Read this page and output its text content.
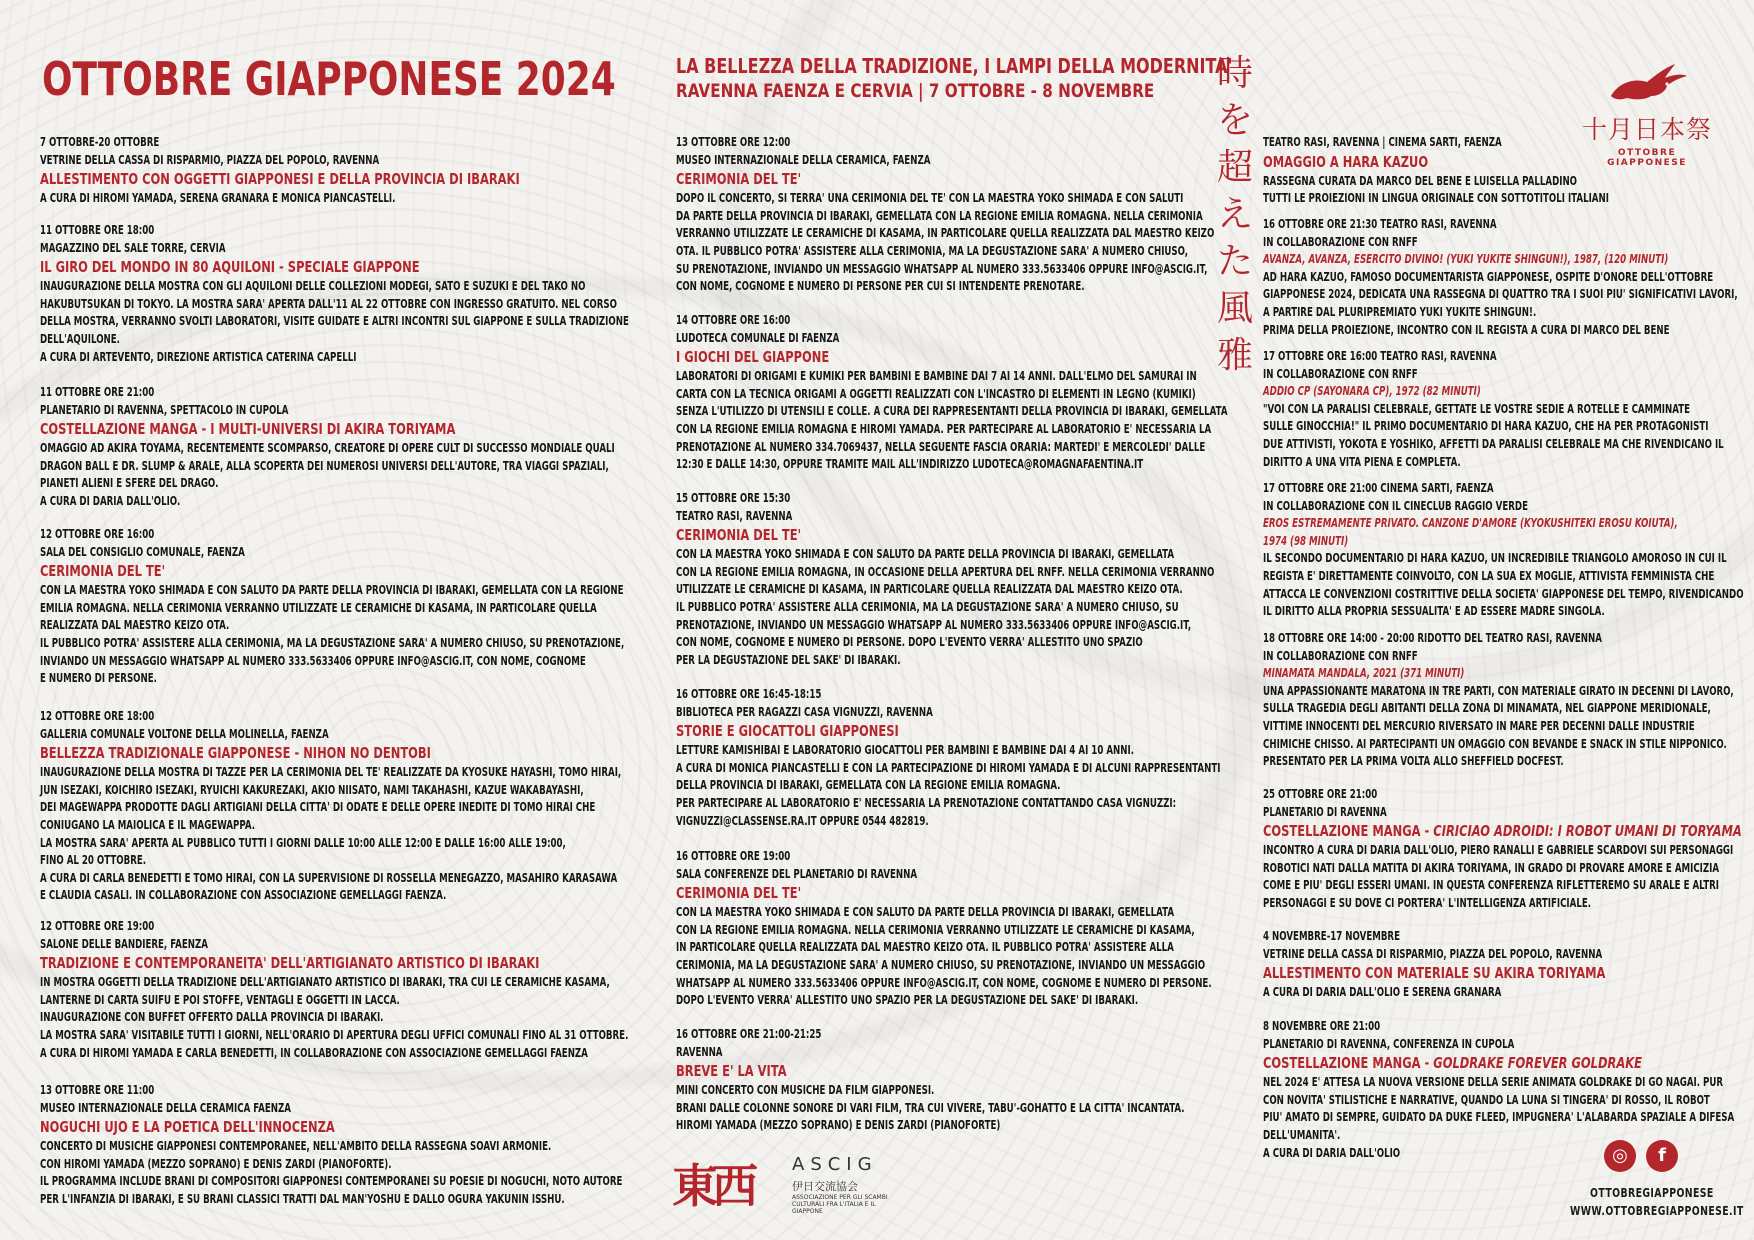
OTTOBRE GIAPPONESE 2024	LA BELLEZZA DELLA TRADIZIONE, I LAMPI DELLA MODERNITA'
RAVENNA FAENZA E CERVIA | 7 OTTOBRE - 8 NOVEMBRE 時
を
超
え
た
風
雅
十月日本祭
OTTOBRE GIAPPONESE
7 OTTOBRE-20 OTTOBRE
VETRINE DELLA CASSA DI RISPARMIO, PIAZZA DEL POPOLO, RAVENNA
ALLESTIMENTO CON OGGETTI GIAPPONESI E DELLA PROVINCIA DI IBARAKI
A CURA DI HIROMI YAMADA, SERENA GRANARA E MONICA PIANCASTELLI.
11 OTTOBRE ORE 18:00
MAGAZZINO DEL SALE TORRE, CERVIA
IL GIRO DEL MONDO IN 80 AQUILONI - SPECIALE GIAPPONE
INAUGURAZIONE DELLA MOSTRA CON GLI AQUILONI DELLE COLLEZIONI MODEGI, SATO E SUZUKI E DEL TAKO NO
HAKUBUTSUKAN DI TOKYO. LA MOSTRA SARA' APERTA DALL'11 AL 22 OTTOBRE CON INGRESSO GRATUITO. NEL CORSO
DELLA MOSTRA, VERRANNO SVOLTI LABORATORI, VISITE GUIDATE E ALTRI INCONTRI SUL GIAPPONE E SULLA TRADIZIONE
DELL'AQUILONE.
A CURA DI ARTEVENTO, DIREZIONE ARTISTICA CATERINA CAPELLI
11 OTTOBRE ORE 21:00
PLANETARIO DI RAVENNA, SPETTACOLO IN CUPOLA
COSTELLAZIONE MANGA - I MULTI-UNIVERSI DI AKIRA TORIYAMA
OMAGGIO AD AKIRA TOYAMA, RECENTEMENTE SCOMPARSO, CREATORE DI OPERE CULT DI SUCCESSO MONDIALE QUALI
DRAGON BALL E DR. SLUMP & ARALE, ALLA SCOPERTA DEI NUMEROSI UNIVERSI DELL'AUTORE, TRA VIAGGI SPAZIALI,
PIANETI ALIENI E SFERE DEL DRAGO.
A CURA DI DARIA DALL'OLIO.
12 OTTOBRE ORE 16:00
SALA DEL CONSIGLIO COMUNALE, FAENZA
CERIMONIA DEL TE'
CON LA MAESTRA YOKO SHIMADA E CON SALUTO DA PARTE DELLA PROVINCIA DI IBARAKI, GEMELLATA CON LA REGIONE
EMILIA ROMAGNA. NELLA CERIMONIA VERRANNO UTILIZZATE LE CERAMICHE DI KASAMA, IN PARTICOLARE QUELLA
REALIZZATA DAL MAESTRO KEIZO OTA.
IL PUBBLICO POTRA' ASSISTERE ALLA CERIMONIA, MA LA DEGUSTAZIONE SARA' A NUMERO CHIUSO, SU PRENOTAZIONE,
INVIANDO UN MESSAGGIO WHATSAPP AL NUMERO 333.5633406 OPPURE INFO@ASCIG.IT, CON NOME, COGNOME
E NUMERO DI PERSONE.
12 OTTOBRE ORE 18:00
GALLERIA COMUNALE VOLTONE DELLA MOLINELLA, FAENZA
BELLEZZA TRADIZIONALE GIAPPONESE - NIHON NO DENTOBI
INAUGURAZIONE DELLA MOSTRA DI TAZZE PER LA CERIMONIA DEL TE' REALIZZATE DA KYOSUKE HAYASHI, TOMO HIRAI,
JUN ISEZAKI, KOICHIRO ISEZAKI, RYUICHI KAKUREZAKI, AKIO NIISATO, NAMI TAKAHASHI, KAZUE WAKABAYASHI,
DEI MAGEWAPPA PRODOTTE DAGLI ARTIGIANI DELLA CITTA' DI ODATE E DELLE OPERE INEDITE DI TOMO HIRAI CHE
CONIUGANO LA MAIOLICA E IL MAGEWAPPA.
LA MOSTRA SARA' APERTA AL PUBBLICO TUTTI I GIORNI DALLE 10:00 ALLE 12:00 E DALLE 16:00 ALLE 19:00,
FINO AL 20 OTTOBRE.
A CURA DI CARLA BENEDETTI E TOMO HIRAI, CON LA SUPERVISIONE DI ROSSELLA MENEGAZZO, MASAHIRO KARASAWA
E CLAUDIA CASALI. IN COLLABORAZIONE CON ASSOCIAZIONE GEMELLAGGI FAENZA.
12 OTTOBRE ORE 19:00
SALONE DELLE BANDIERE, FAENZA
TRADIZIONE E CONTEMPORANEITA' DELL'ARTIGIANATO ARTISTICO DI IBARAKI
IN MOSTRA OGGETTI DELLA TRADIZIONE DELL'ARTIGIANATO ARTISTICO DI IBARAKI, TRA CUI LE CERAMICHE KASAMA,
LANTERNE DI CARTA SUIFU E POI STOFFE, VENTAGLI E OGGETTI IN LACCA.
INAUGURAZIONE CON BUFFET OFFERTO DALLA PROVINCIA DI IBARAKI.
LA MOSTRA SARA' VISITABILE TUTTI I GIORNI, NELL'ORARIO DI APERTURA DEGLI UFFICI COMUNALI FINO AL 31 OTTOBRE.
A CURA DI HIROMI YAMADA E CARLA BENEDETTI, IN COLLABORAZIONE CON ASSOCIAZIONE GEMELLAGGI FAENZA
13 OTTOBRE ORE 11:00
MUSEO INTERNAZIONALE DELLA CERAMICA FAENZA
NOGUCHI UJO E LA POETICA DELL'INNOCENZA
CONCERTO DI MUSICHE GIAPPONESI CONTEMPORANEE, NELL'AMBITO DELLA RASSEGNA SOAVI ARMONIE.
CON HIROMI YAMADA (MEZZO SOPRANO) E DENIS ZARDI (PIANOFORTE).
IL PROGRAMMA INCLUDE BRANI DI COMPOSITORI GIAPPONESI CONTEMPORANEI SU POESIE DI NOGUCHI, NOTO AUTORE
PER L'INFANZIA DI IBARAKI, E SU BRANI CLASSICI TRATTI DAL MAN'YOSHU E DALLO OGURA YAKUNIN ISSHU.
13 OTTOBRE ORE 12:00
MUSEO INTERNAZIONALE DELLA CERAMICA, FAENZA
CERIMONIA DEL TE'
DOPO IL CONCERTO, SI TERRA' UNA CERIMONIA DEL TE' CON LA MAESTRA YOKO SHIMADA E CON SALUTI
DA PARTE DELLA PROVINCIA DI IBARAKI, GEMELLATA CON LA REGIONE EMILIA ROMAGNA. NELLA CERIMONIA
VERRANNO UTILIZZATE LE CERAMICHE DI KASAMA, IN PARTICOLARE QUELLA REALIZZATA DAL MAESTRO KEIZO
OTA. IL PUBBLICO POTRA' ASSISTERE ALLA CERIMONIA, MA LA DEGUSTAZIONE SARA' A NUMERO CHIUSO,
SU PRENOTAZIONE, INVIANDO UN MESSAGGIO WHATSAPP AL NUMERO 333.5633406 OPPURE INFO@ASCIG.IT,
CON NOME, COGNOME E NUMERO DI PERSONE PER CUI SI INTENDENTE PRENOTARE.
14 OTTOBRE ORE 16:00
LUDOTECA COMUNALE DI FAENZA
I GIOCHI DEL GIAPPONE
LABORATORI DI ORIGAMI E KUMIKI PER BAMBINI E BAMBINE DAI 7 AI 14 ANNI. DALL'ELMO DEL SAMURAI IN
CARTA CON LA TECNICA ORIGAMI A OGGETTI REALIZZATI CON L'INCASTRO DI ELEMENTI IN LEGNO (KUMIKI)
SENZA L'UTILIZZO DI UTENSILI E COLLE. A CURA DEI RAPPRESENTANTI DELLA PROVINCIA DI IBARAKI, GEMELLATA
CON LA REGIONE EMILIA ROMAGNA E HIROMI YAMADA. PER PARTECIPARE AL LABORATORIO E' NECESSARIA LA
PRENOTAZIONE AL NUMERO 334.7069437, NELLA SEGUENTE FASCIA ORARIA: MARTEDI' E MERCOLEDI' DALLE
12:30 E DALLE 14:30, OPPURE TRAMITE MAIL ALL'INDIRIZZO LUDOTECA@ROMAGNAFAENTINA.IT
15 OTTOBRE ORE 15:30
TEATRO RASI, RAVENNA
CERIMONIA DEL TE'
CON LA MAESTRA YOKO SHIMADA E CON SALUTO DA PARTE DELLA PROVINCIA DI IBARAKI, GEMELLATA
CON LA REGIONE EMILIA ROMAGNA, IN OCCASIONE DELLA APERTURA DEL RNFF. NELLA CERIMONIA VERRANNO
UTILIZZATE LE CERAMICHE DI KASAMA, IN PARTICOLARE QUELLA REALIZZATA DAL MAESTRO KEIZO OTA.
IL PUBBLICO POTRA' ASSISTERE ALLA CERIMONIA, MA LA DEGUSTAZIONE SARA' A NUMERO CHIUSO, SU
PRENOTAZIONE, INVIANDO UN MESSAGGIO WHATSAPP AL NUMERO 333.5633406 OPPURE INFO@ASCIG.IT,
CON NOME, COGNOME E NUMERO DI PERSONE. DOPO L'EVENTO VERRA' ALLESTITO UNO SPAZIO
PER LA DEGUSTAZIONE DEL SAKE' DI IBARAKI.
16 OTTOBRE ORE 16:45-18:15
BIBLIOTECA PER RAGAZZI CASA VIGNUZZI, RAVENNA
STORIE E GIOCATTOLI GIAPPONESI
LETTURE KAMISHIBAI E LABORATORIO GIOCATTOLI PER BAMBINI E BAMBINE DAI 4 AI 10 ANNI.
A CURA DI MONICA PIANCASTELLI E CON LA PARTECIPAZIONE DI HIROMI YAMADA E DI ALCUNI RAPPRESENTANTI
DELLA PROVINCIA DI IBARAKI, GEMELLATA CON LA REGIONE EMILIA ROMAGNA.
PER PARTECIPARE AL LABORATORIO E' NECESSARIA LA PRENOTAZIONE CONTATTANDO CASA VIGNUZZI:
VIGNUZZI@CLASSENSE.RA.IT OPPURE 0544 482819.
16 OTTOBRE ORE 19:00
SALA CONFERENZE DEL PLANETARIO DI RAVENNA
CERIMONIA DEL TE'
CON LA MAESTRA YOKO SHIMADA E CON SALUTO DA PARTE DELLA PROVINCIA DI IBARAKI, GEMELLATA
CON LA REGIONE EMILIA ROMAGNA. NELLA CERIMONIA VERRANNO UTILIZZATE LE CERAMICHE DI KASAMA,
IN PARTICOLARE QUELLA REALIZZATA DAL MAESTRO KEIZO OTA. IL PUBBLICO POTRA' ASSISTERE ALLA
CERIMONIA, MA LA DEGUSTAZIONE SARA' A NUMERO CHIUSO, SU PRENOTAZIONE, INVIANDO UN MESSAGGIO
WHATSAPP AL NUMERO 333.5633406 OPPURE INFO@ASCIG.IT, CON NOME, COGNOME E NUMERO DI PERSONE.
DOPO L'EVENTO VERRA' ALLESTITO UNO SPAZIO PER LA DEGUSTAZIONE DEL SAKE' DI IBARAKI.
16 OTTOBRE ORE 21:00-21:25
RAVENNA
BREVE E' LA VITA
MINI CONCERTO CON MUSICHE DA FILM GIAPPONESI.
BRANI DALLE COLONNE SONORE DI VARI FILM, TRA CUI VIVERE, TABU'-GOHATTO E LA CITTA' INCANTATA.
HIROMI YAMADA (MEZZO SOPRANO) E DENIS ZARDI (PIANOFORTE)
TEATRO RASI, RAVENNA | CINEMA SARTI, FAENZA
OMAGGIO A HARA KAZUO
RASSEGNA CURATA DA MARCO DEL BENE E LUISELLA PALLADINO
TUTTI LE PROIEZIONI IN LINGUA ORIGINALE CON SOTTOTITOLI ITALIANI
16 OTTOBRE ORE 21:30 TEATRO RASI, RAVENNA
IN COLLABORAZIONE CON RNFF
AVANZA, AVANZA, ESERCITO DIVINO! (YUKI YUKITE SHINGUN!), 1987, (120 MINUTI)
AD HARA KAZUO, FAMOSO DOCUMENTARISTA GIAPPONESE, OSPITE D'ONORE DELL'OTTOBRE
GIAPPONESE 2024, DEDICATA UNA RASSEGNA DI QUATTRO TRA I SUOI PIU' SIGNIFICATIVI LAVORI,
A PARTIRE DAL PLURIPREMIATO YUKI YUKITE SHINGUN!.
PRIMA DELLA PROIEZIONE, INCONTRO CON IL REGISTA A CURA DI MARCO DEL BENE
17 OTTOBRE ORE 16:00 TEATRO RASI, RAVENNA
IN COLLABORAZIONE CON RNFF
ADDIO CP (SAYONARA CP), 1972 (82 MINUTI)
"VOI CON LA PARALISI CELEBRALE, GETTATE LE VOSTRE SEDIE A ROTELLE E CAMMINATE
SULLE GINOCCHIA!" IL PRIMO DOCUMENTARIO DI HARA KAZUO, CHE HA PER PROTAGONISTI
DUE ATTIVISTI, YOKOTA E YOSHIKO, AFFETTI DA PARALISI CELEBRALE MA CHE RIVENDICANO IL
DIRITTO A UNA VITA PIENA E COMPLETA.
17 OTTOBRE ORE 21:00 CINEMA SARTI, FAENZA
IN COLLABORAZIONE CON IL CINECLUB RAGGIO VERDE
EROS ESTREMAMENTE PRIVATO. CANZONE D'AMORE (KYOKUSHITEKI EROSU KOIUTA),
1974 (98 MINUTI)
IL SECONDO DOCUMENTARIO DI HARA KAZUO, UN INCREDIBILE TRIANGOLO AMOROSO IN CUI IL
REGISTA E' DIRETTAMENTE COINVOLTO, CON LA SUA EX MOGLIE, ATTIVISTA FEMMINISTA CHE
ATTACCA LE CONVENZIONI COSTRITTIVE DELLA SOCIETA' GIAPPONESE DEL TEMPO, RIVENDICANDO
IL DIRITTO ALLA PROPRIA SESSUALITA' E AD ESSERE MADRE SINGOLA.
18 OTTOBRE ORE 14:00 - 20:00 RIDOTTO DEL TEATRO RASI, RAVENNA
IN COLLABORAZIONE CON RNFF
MINAMATA MANDALA, 2021 (371 MINUTI)
UNA APPASSIONANTE MARATONA IN TRE PARTI, CON MATERIALE GIRATO IN DECENNI DI LAVORO,
SULLA TRAGEDIA DEGLI ABITANTI DELLA ZONA DI MINAMATA, NEL GIAPPONE MERIDIONALE,
VITTIME INNOCENTI DEL MERCURIO RIVERSATO IN MARE PER DECENNI DALLE INDUSTRIE
CHIMICHE CHISSO. AI PARTECIPANTI UN OMAGGIO CON BEVANDE E SNACK IN STILE NIPPONICO.
PRESENTATO PER LA PRIMA VOLTA ALLO SHEFFIELD DOCFEST.
25 OTTOBRE ORE 21:00
PLANETARIO DI RAVENNA
COSTELLAZIONE MANGA - CIRICIAO ADROIDI: I ROBOT UMANI DI TORYAMA
INCONTRO A CURA DI DARIA DALL'OLIO, PIERO RANALLI E GABRIELE SCARDOVI SUI PERSONAGGI
ROBOTICI NATI DALLA MATITA DI AKIRA TORIYAMA, IN GRADO DI PROVARE AMORE E AMICIZIA
COME E PIU' DEGLI ESSERI UMANI. IN QUESTA CONFERENZA RIFLETTEREMO SU ARALE E ALTRI
PERSONAGGI E SU DOVE CI PORTERA' L'INTELLIGENZA ARTIFICIALE.
4 NOVEMBRE-17 NOVEMBRE
VETRINE DELLA CASSA DI RISPARMIO, PIAZZA DEL POPOLO, RAVENNA
ALLESTIMENTO CON MATERIALE SU AKIRA TORIYAMA
A CURA DI DARIA DALL'OLIO E SERENA GRANARA
8 NOVEMBRE ORE 21:00
PLANETARIO DI RAVENNA, CONFERENZA IN CUPOLA
COSTELLAZIONE MANGA - GOLDRAKE FOREVER GOLDRAKE
NEL 2024 E' ATTESA LA NUOVA VERSIONE DELLA SERIE ANIMATA GOLDRAKE DI GO NAGAI. PUR
CON NOVITA' STILISTICHE E NARRATIVE, QUANDO LA LUNA SI TINGERA' DI ROSSO, IL ROBOT
PIU' AMATO DI SEMPRE, GUIDATO DA DUKE FLEED, IMPUGNERA' L'ALABARDA SPAZIALE A DIFESA
DELL'UMANITA'.
A CURA DI DARIA DALL'OLIO
東西 ASCIG
伊日交流協会
ASSOCIAZIONE PER GLI SCAMBI CULTURALI FRA L'ITALIA E IL GIAPPONE
◎	f
OTTOBREGIAPPONESE
WWW.OTTOBREGIAPPONESE.IT
